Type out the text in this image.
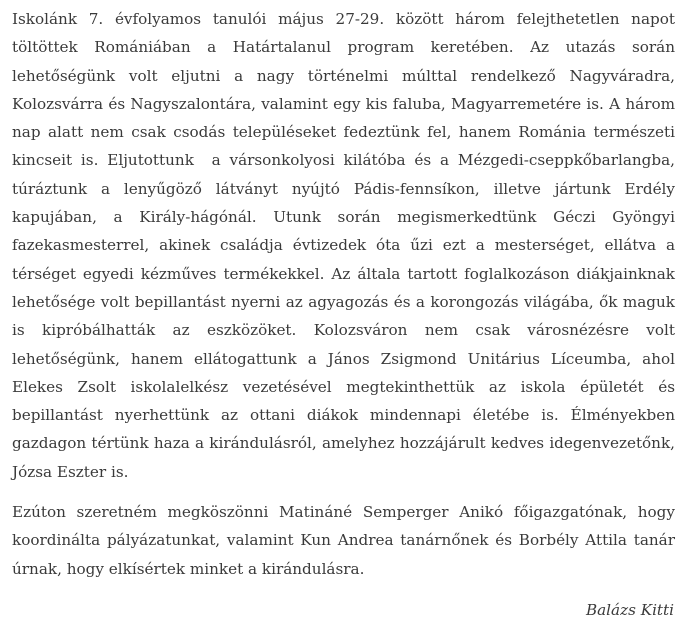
Iskolánk 7. évfolyamos tanulói május 27-29. között három felejthetetlen napot töltöttek Romániában a Határtalanul program keretében. Az utazás során lehetőségünk volt eljutni a nagy történelmi múlttal rendelkező Nagyváradra, Kolozsvárra és Nagyszalontára, valamint egy kis faluba, Magyarremetére is. A három nap alatt nem csak csodás településeket fedeztünk fel, hanem Románia természeti kincseit is. Eljutottunk  a vársonkolyosi kilátóba és a Mézgedi-cseppkőbarlangba, túráztunk a lenyűgöző látványt nyújtó Pádis-fennsíkon, illetve jártunk Erdély kapujában, a Király-hágónál. Utunk során megismerkedtünk Géczi Gyöngyi fazekasmesterrel, akinek családja évtizedek óta űzi ezt a mesterséget, ellátva a térséget egyedi kézműves termékekkel. Az általa tartott foglalkozáson diákjainknak lehetősége volt bepillantást nyerni az agyagozás és a korongozás világába, ők maguk is kipróbálhatták az eszközöket. Kolozsváron nem csak városnézésre volt lehetőségünk, hanem ellátogattunk a János Zsigmond Unitárius Líceumba, ahol Elekes Zsolt iskolalelkész vezetésével megtekinthettük az iskola épületét és bepillantást nyerhettünk az ottani diákok mindennapi életébe is. Élményekben gazdagon tértünk haza a kirándulásról, amelyhez hozzájárult kedves idegenvezetőnk, Józsa Eszter is.

Ezúton szeretném megköszönni Matináné Semperger Anikó főigazgatónak, hogy koordinálta pályázatunkat, valamint Kun Andrea tanárnőnek és Borbély Attila tanár úrnak, hogy elkísértek minket a kirándulásra.

Balázs Kitti
